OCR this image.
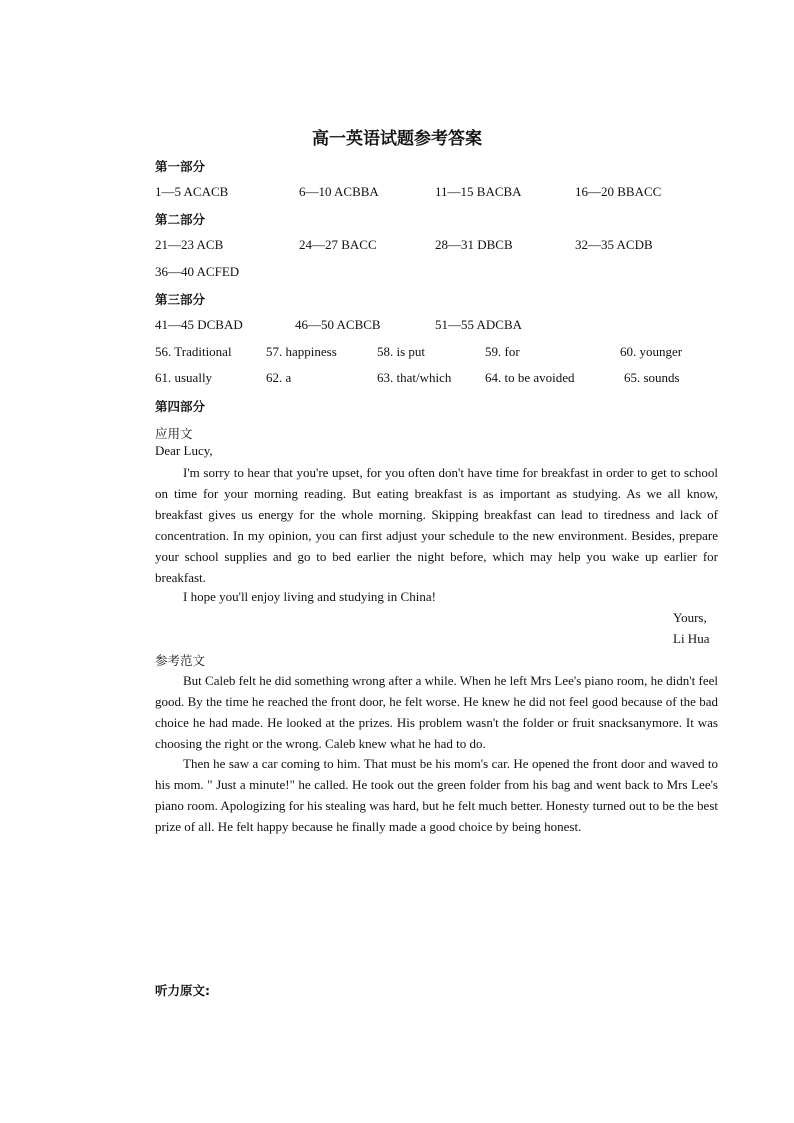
高一英语试题参考答案
第一部分
1—5 ACACB	6—10 ACBBA	11—15 BACBA	16—20 BBACC
第二部分
21—23 ACB	24—27 BACC	28—31 DBCB	32—35 ACDB
36—40 ACFED
第三部分
41—45 DCBAD	46—50 ACBCB	51—55 ADCBA
56. Traditional	57. happiness	58. is put	59. for	60. younger
61. usually	62. a	63. that/which	64. to be avoided	65. sounds
第四部分
应用文
Dear Lucy,

I'm sorry to hear that you're upset, for you often don't have time for breakfast in order to get to school on time for your morning reading. But eating breakfast is as important as studying. As we all know, breakfast gives us energy for the whole morning. Skipping breakfast can lead to tiredness and lack of concentration. In my opinion, you can first adjust your schedule to the new environment. Besides, prepare your school supplies and go to bed earlier the night before, which may help you wake up earlier for breakfast.

I hope you'll enjoy living and studying in China!
Yours,
Li Hua
参考范文

But Caleb felt he did something wrong after a while. When he left Mrs Lee's piano room, he didn't feel good. By the time he reached the front door, he felt worse. He knew he did not feel good because of the bad choice he had made. He looked at the prizes. His problem wasn't the folder or fruit snacksanymore. It was choosing the right or the wrong. Caleb knew what he had to do.

Then he saw a car coming to him. That must be his mom's car. He opened the front door and waved to his mom. " Just a minute!" he called. He took out the green folder from his bag and went back to Mrs Lee's piano room. Apologizing for his stealing was hard, but he felt much better. Honesty turned out to be the best prize of all. He felt happy because he finally made a good choice by being honest.

听力原文:
